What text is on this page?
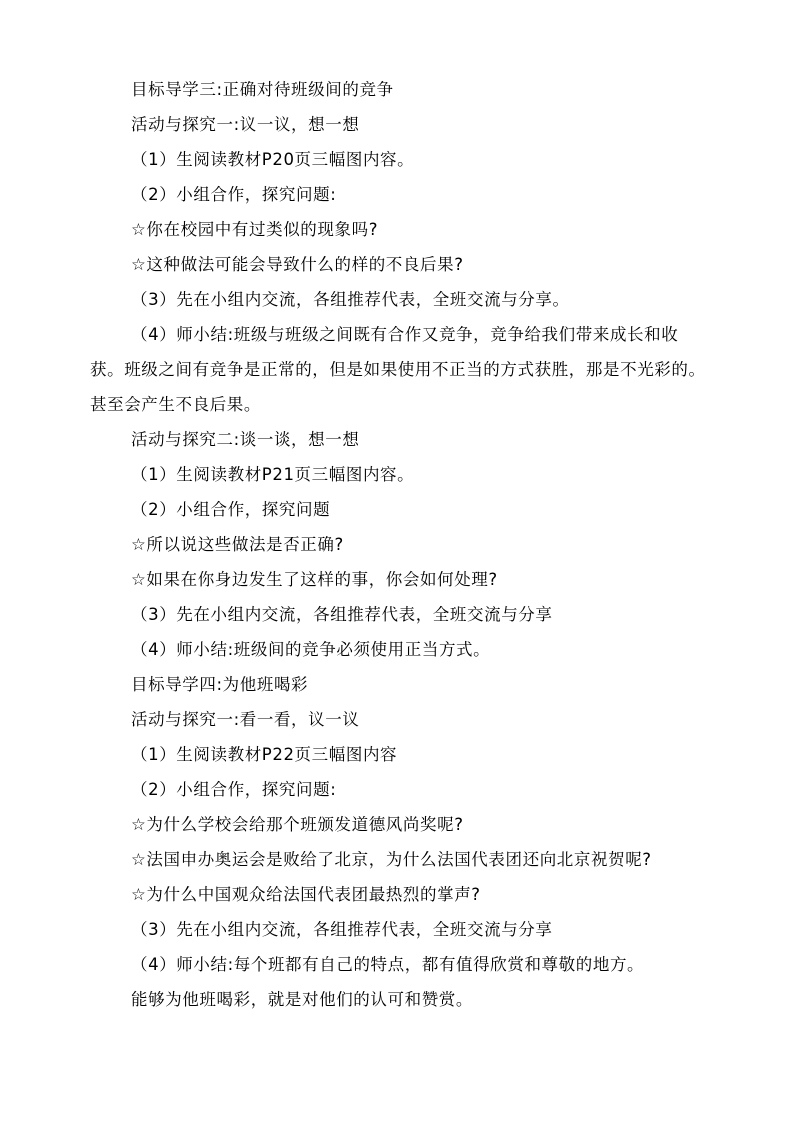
目标导学三:正确对待班级间的竞争
活动与探究一:议一议，想一想
（1）生阅读教材P20页三幅图内容。
（2）小组合作，探究问题:
☆你在校园中有过类似的现象吗?
☆这种做法可能会导致什么的样的不良后果?
（3）先在小组内交流，各组推荐代表，全班交流与分享。

（4）师小结:班级与班级之间既有合作又竞争，竞争给我们带来成长和收获。班级之间有竞争是正常的，但是如果使用不正当的方式获胜，那是不光彩的。甚至会产生不良后果。

活动与探究二:谈一谈，想一想
（1）生阅读教材P21页三幅图内容。
（2）小组合作，探究问题
☆所以说这些做法是否正确?
☆如果在你身边发生了这样的事，你会如何处理?
（3）先在小组内交流，各组推荐代表，全班交流与分享
（4）师小结:班级间的竞争必须使用正当方式。
目标导学四:为他班喝彩
活动与探究一:看一看，议一议
（1）生阅读教材P22页三幅图内容
（2）小组合作，探究问题:
☆为什么学校会给那个班颁发道德风尚奖呢?
☆法国申办奥运会是败给了北京，为什么法国代表团还向北京祝贺呢?
☆为什么中国观众给法国代表团最热烈的掌声?
（3）先在小组内交流，各组推荐代表，全班交流与分享
（4）师小结:每个班都有自己的特点，都有值得欣赏和尊敬的地方。
能够为他班喝彩，就是对他们的认可和赞赏。
